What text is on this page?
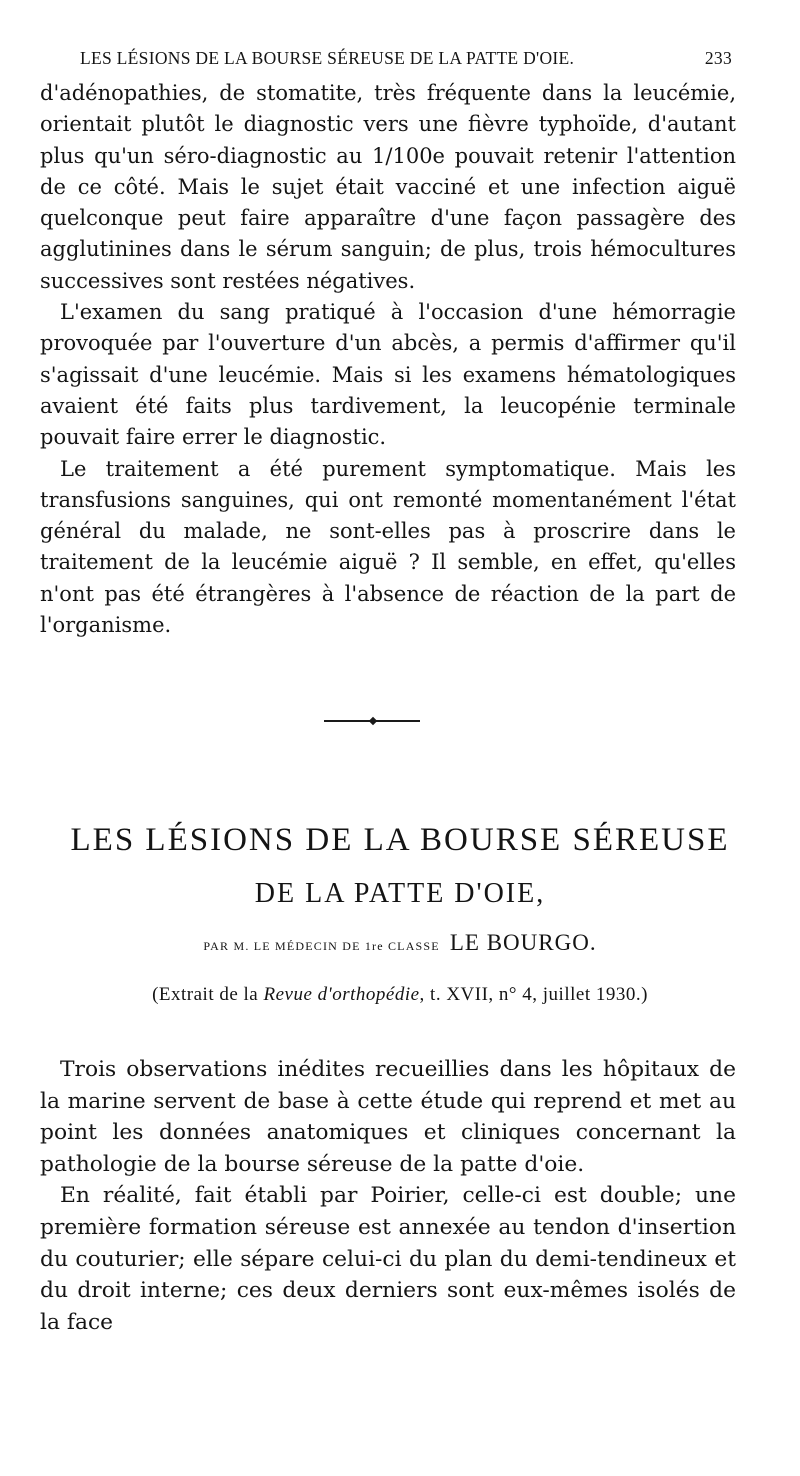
LES LÉSIONS DE LA BOURSE SÉREUSE DE LA PATTE D'OIE.	233

d'adénopathies, de stomatite, très fréquente dans la leucémie, orientait plutôt le diagnostic vers une fièvre typhoïde, d'autant plus qu'un séro-diagnostic au 1/100e pouvait retenir l'attention de ce côté. Mais le sujet était vacciné et une infection aiguë quelconque peut faire apparaître d'une façon passagère des agglutinines dans le sérum sanguin; de plus, trois hémocultures successives sont restées négatives.

L'examen du sang pratiqué à l'occasion d'une hémorragie provoquée par l'ouverture d'un abcès, a permis d'affirmer qu'il s'agissait d'une leucémie. Mais si les examens hématologiques avaient été faits plus tardivement, la leucopénie terminale pouvait faire errer le diagnostic.

Le traitement a été purement symptomatique. Mais les transfusions sanguines, qui ont remonté momentanément l'état général du malade, ne sont-elles pas à proscrire dans le traitement de la leucémie aiguë ? Il semble, en effet, qu'elles n'ont pas été étrangères à l'absence de réaction de la part de l'organisme.

LES LÉSIONS DE LA BOURSE SÉREUSE
DE LA PATTE D'OIE,
PAR M. LE MÉDECIN DE 1re CLASSE LE BOURGO.
(Extrait de la Revue d'orthopédie, t. XVII, n° 4, juillet 1930.)

Trois observations inédites recueillies dans les hôpitaux de la marine servent de base à cette étude qui reprend et met au point les données anatomiques et cliniques concernant la pathologie de la bourse séreuse de la patte d'oie.

En réalité, fait établi par Poirier, celle-ci est double; une première formation séreuse est annexée au tendon d'insertion du couturier; elle sépare celui-ci du plan du demi-tendineux et du droit interne; ces deux derniers sont eux-mêmes isolés de la face
